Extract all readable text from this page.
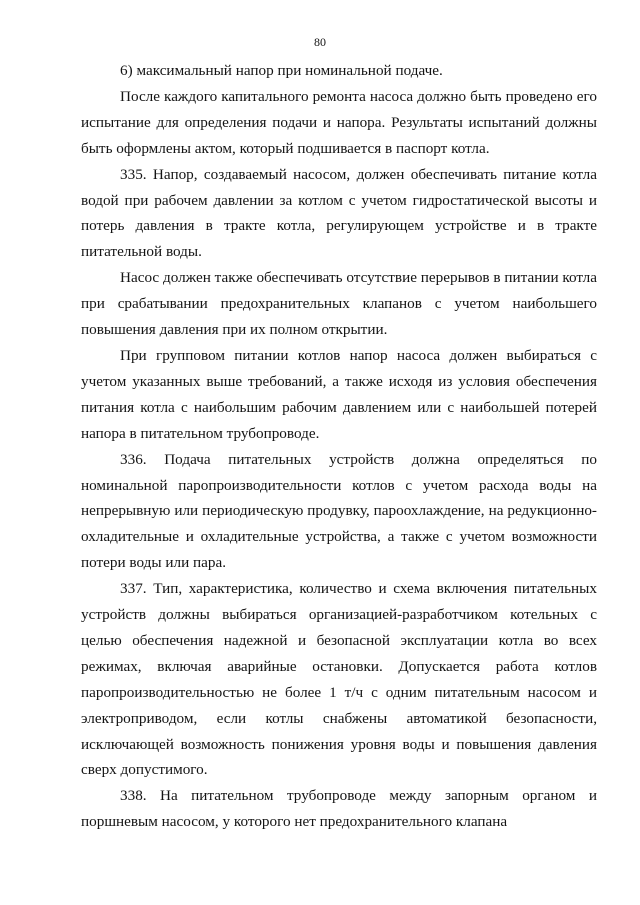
80

6) максимальный напор при номинальной подаче.

После каждого капитального ремонта насоса должно быть проведено его испытание для определения подачи и напора. Результаты испытаний должны быть оформлены актом, который подшивается в паспорт котла.

335. Напор, создаваемый насосом, должен обеспечивать питание котла водой при рабочем давлении за котлом с учетом гидростатической высоты и потерь давления в тракте котла, регулирующем устройстве и в тракте питательной воды.

Насос должен также обеспечивать отсутствие перерывов в питании котла при срабатывании предохранительных клапанов с учетом наибольшего повышения давления при их полном открытии.

При групповом питании котлов напор насоса должен выбираться с учетом указанных выше требований, а также исходя из условия обеспечения питания котла с наибольшим рабочим давлением или с наибольшей потерей напора в питательном трубопроводе.

336. Подача питательных устройств должна определяться по номинальной паропроизводительности котлов с учетом расхода воды на непрерывную или периодическую продувку, пароохлаждение, на редукционно-охладительные и охладительные устройства, а также с учетом возможности потери воды или пара.

337. Тип, характеристика, количество и схема включения питательных устройств должны выбираться организацией-разработчиком котельных с целью обеспечения надежной и безопасной эксплуатации котла во всех режимах, включая аварийные остановки. Допускается работа котлов паропроизводительностью не более 1 т/ч с одним питательным насосом и электроприводом, если котлы снабжены автоматикой безопасности, исключающей возможность понижения уровня воды и повышения давления сверх допустимого.

338. На питательном трубопроводе между запорным органом и поршневым насосом, у которого нет предохранительного клапана
